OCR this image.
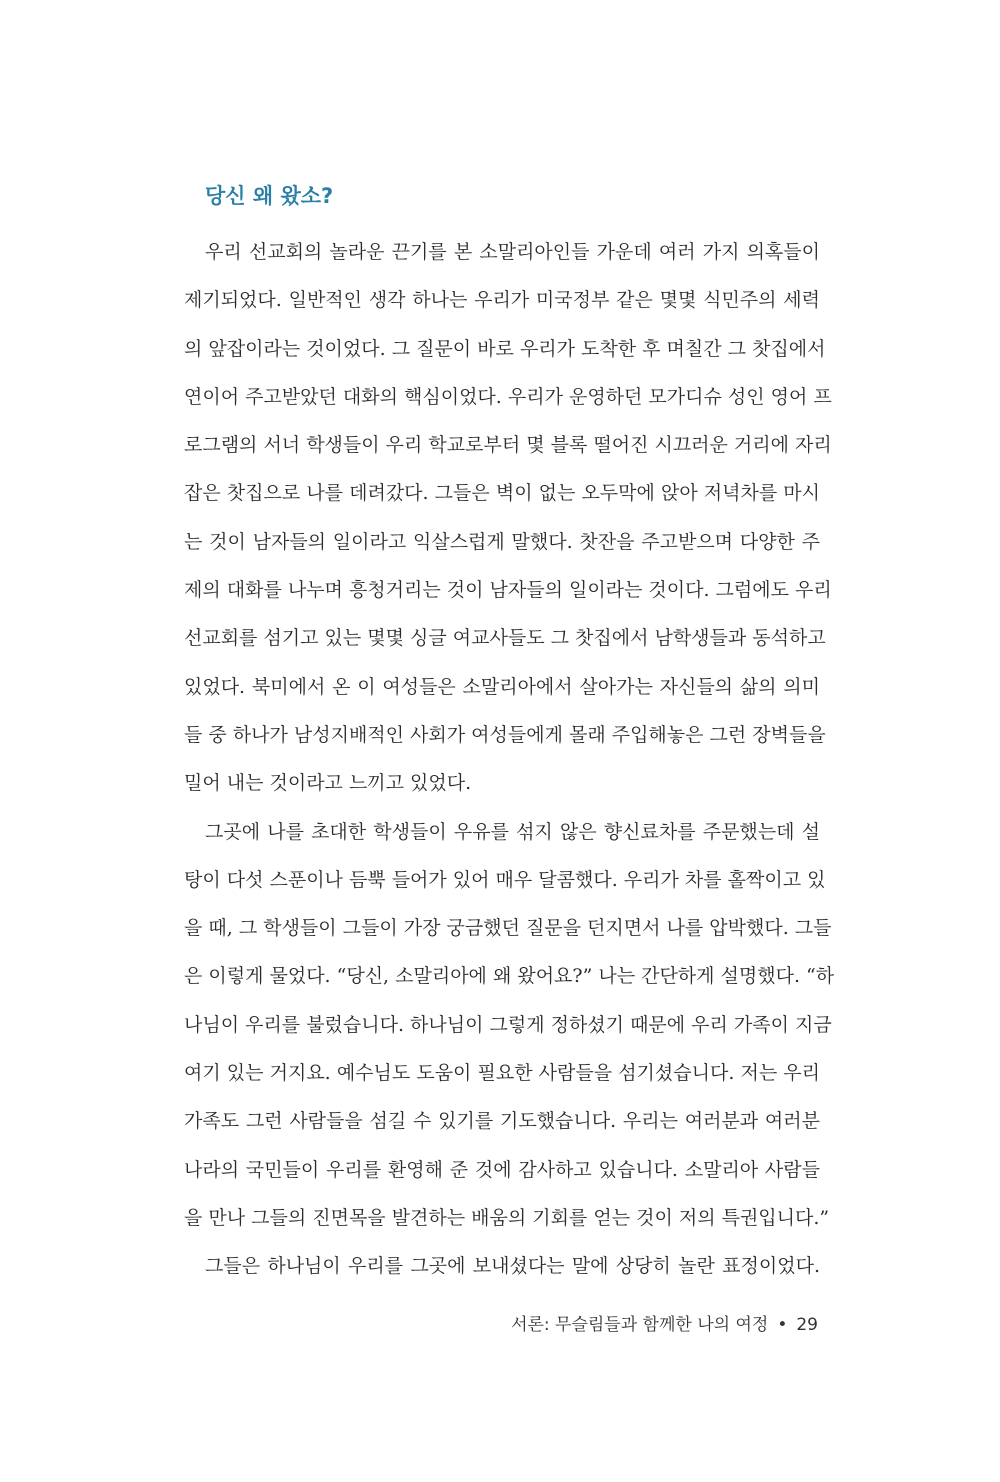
당신 왜 왔소?
우리 선교회의 놀라운 끈기를 본 소말리아인들 가운데 여러 가지 의혹들이
제기되었다. 일반적인 생각 하나는 우리가 미국정부 같은 몇몇 식민주의 세력
의 앞잡이라는 것이었다. 그 질문이 바로 우리가 도착한 후 며칠간 그 찻집에서
연이어 주고받았던 대화의 핵심이었다. 우리가 운영하던 모가디슈 성인 영어 프
로그램의 서너 학생들이 우리 학교로부터 몇 블록 떨어진 시끄러운 거리에 자리
잡은 찻집으로 나를 데려갔다. 그들은 벽이 없는 오두막에 앉아 저녁차를 마시
는 것이 남자들의 일이라고 익살스럽게 말했다. 찻잔을 주고받으며 다양한 주
제의 대화를 나누며 흥청거리는 것이 남자들의 일이라는 것이다. 그럼에도 우리
선교회를 섬기고 있는 몇몇 싱글 여교사들도 그 찻집에서 남학생들과 동석하고
있었다. 북미에서 온 이 여성들은 소말리아에서 살아가는 자신들의 삶의 의미
들 중 하나가 남성지배적인 사회가 여성들에게 몰래 주입해놓은 그런 장벽들을
밀어 내는 것이라고 느끼고 있었다.
그곳에 나를 초대한 학생들이 우유를 섞지 않은 향신료차를 주문했는데 설
탕이 다섯 스푼이나 듬뿍 들어가 있어 매우 달콤했다. 우리가 차를 홀짝이고 있
을 때, 그 학생들이 그들이 가장 궁금했던 질문을 던지면서 나를 압박했다. 그들
은 이렇게 물었다. “당신, 소말리아에 왜 왔어요?” 나는 간단하게 설명했다. “하
나님이 우리를 불렀습니다. 하나님이 그렇게 정하셨기 때문에 우리 가족이 지금
여기 있는 거지요. 예수님도 도움이 필요한 사람들을 섬기셨습니다. 저는 우리
가족도 그런 사람들을 섬길 수 있기를 기도했습니다. 우리는 여러분과 여러분
나라의 국민들이 우리를 환영해 준 것에 감사하고 있습니다. 소말리아 사람들
을 만나 그들의 진면목을 발견하는 배움의 기회를 얻는 것이 저의 특권입니다.”
그들은 하나님이 우리를 그곳에 보내셨다는 말에 상당히 놀란 표정이었다.
서론: 무슬림들과 함께한 나의 여정 • 29
